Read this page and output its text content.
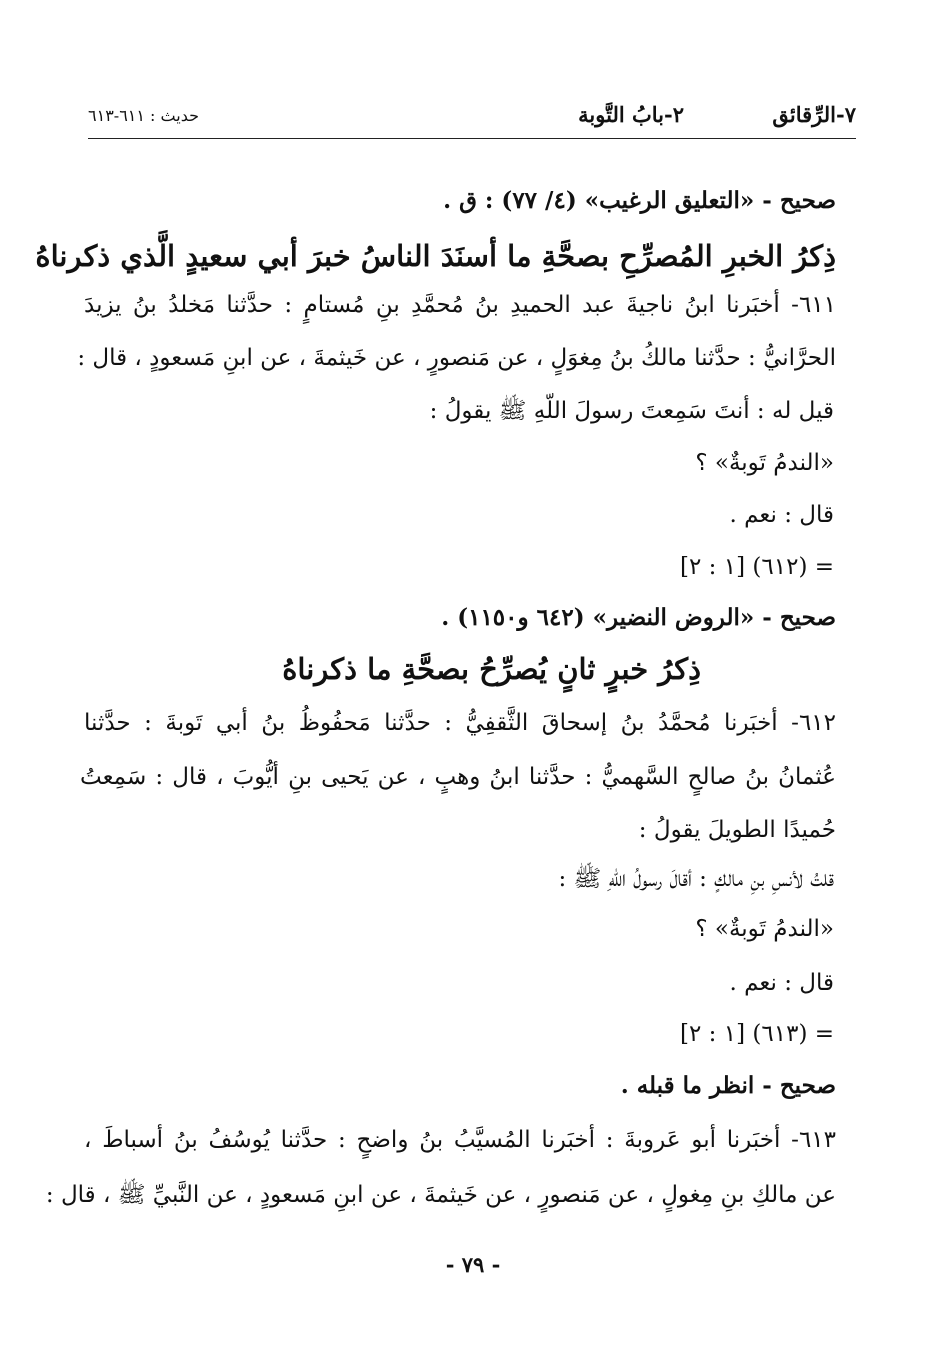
٧-الرِّقائق
٢-بابُ التَّوبة
حديث : ٦١١-٦١٣
صحيح - «التعليق الرغيب» (٤/ ٧٧) : ق .
ذِكرُ الخبرِ المُصرِّحِ بصحَّةِ ما أسنَدَ الناسُ خبرَ أبي سعيدٍ الَّذي ذكرناهُ
٦١١- أخبَرنا ابنُ ناجيةَ عبد الحميدِ بنُ مُحمَّدِ بنِ مُستامٍ : حدَّثنا مَخلدُ بنُ يزيدَ
الحرَّانيُّ : حدَّثنا مالكُ بنُ مِغوَلٍ ، عن مَنصورٍ ، عن خَيثمةَ ، عن ابنِ مَسعودٍ ، قال :
قيل له : أنتَ سَمِعتَ رسولَ اللّهِ ﷺ يقولُ :
«الندمُ تَوبةٌ» ؟
قال : نعم .
= (٦١٢) [١ : ٢]
صحيح - «الروض النضير» (٦٤٢ و١١٥٠) .
ذِكرُ خبرٍ ثانٍ يُصرِّحُ بصحَّةِ ما ذكرناهُ
٦١٢- أخبَرنا مُحمَّدُ بنُ إسحاقَ الثَّقفِيُّ : حدَّثنا مَحفُوظُ بنُ أبي تَوبةَ : حدَّثنا
عُثمانُ بنُ صالحٍ السَّهميُّ : حدَّثنا ابنُ وهبٍ ، عن يَحيى بنِ أيُّوبَ ، قال : سَمِعتُ
حُميدًا الطويلَ يقولُ :
قلتُ لأنسِ بنِ مالكٍ : أقالَ رسولُ اللّهِ ﷺ :
«الندمُ تَوبةٌ» ؟
قال : نعم .
= (٦١٣) [١ : ٢]
صحيح - انظر ما قبله .
٦١٣- أخبَرنا أبو عَروبةَ : أخبَرنا المُسيَّبُ بنُ واضحٍ : حدَّثنا يُوسُفُ بنُ أسباطَ ،
عن مالكِ بنِ مِغولٍ ، عن مَنصورٍ ، عن خَيثمةَ ، عن ابنِ مَسعودٍ ، عن النَّبيِّ ﷺ ، قال :
- ٧٩ -
